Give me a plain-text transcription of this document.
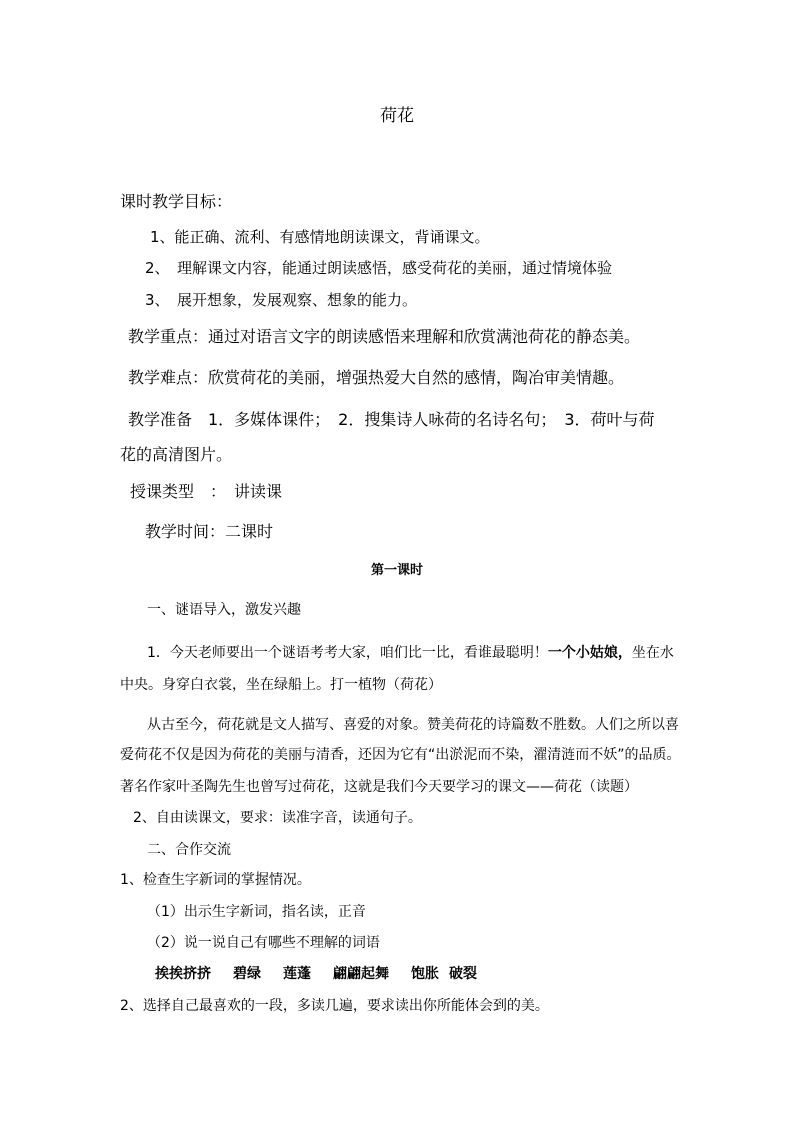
荷花
课时教学目标：
1、能正确、流利、有感情地朗读课文，背诵课文。
2、　理解课文内容，能通过朗读感悟，感受荷花的美丽，通过情境体验
3、　展开想象，发展观察、想象的能力。
教学重点：通过对语言文字的朗读感悟来理解和欣赏满池荷花的静态美。
教学难点：欣赏荷花的美丽，增强热爱大自然的感情，陶冶审美情趣。
教学准备　1．多媒体课件；　2．搜集诗人咏荷的名诗名句；　3．荷叶与荷
花的高清图片。
授课类型　：　讲读课
教学时间：二课时
第一课时
一、谜语导入，激发兴趣
1．今天老师要出一个谜语考考大家，咱们比一比，看谁最聪明！一个小姑娘，坐在水
中央。身穿白衣裳，坐在绿船上。打一植物（荷花）
从古至今，荷花就是文人描写、喜爱的对象。赞美荷花的诗篇数不胜数。人们之所以喜
爱荷花不仅是因为荷花的美丽与清香，还因为它有“出淤泥而不染，濯清涟而不妖”的品质。
著名作家叶圣陶先生也曾写过荷花，这就是我们今天要学习的课文——荷花（读题）
2、自由读课文，要求：读准字音，读通句子。
二、合作交流
1、检查生字新词的掌握情况。
（1）出示生字新词，指名读，正音
（2）说一说自己有哪些不理解的词语
挨挨挤挤 碧绿 莲蓬 翩翩起舞 饱胀 破裂
2、选择自己最喜欢的一段，多读几遍，要求读出你所能体会到的美。
